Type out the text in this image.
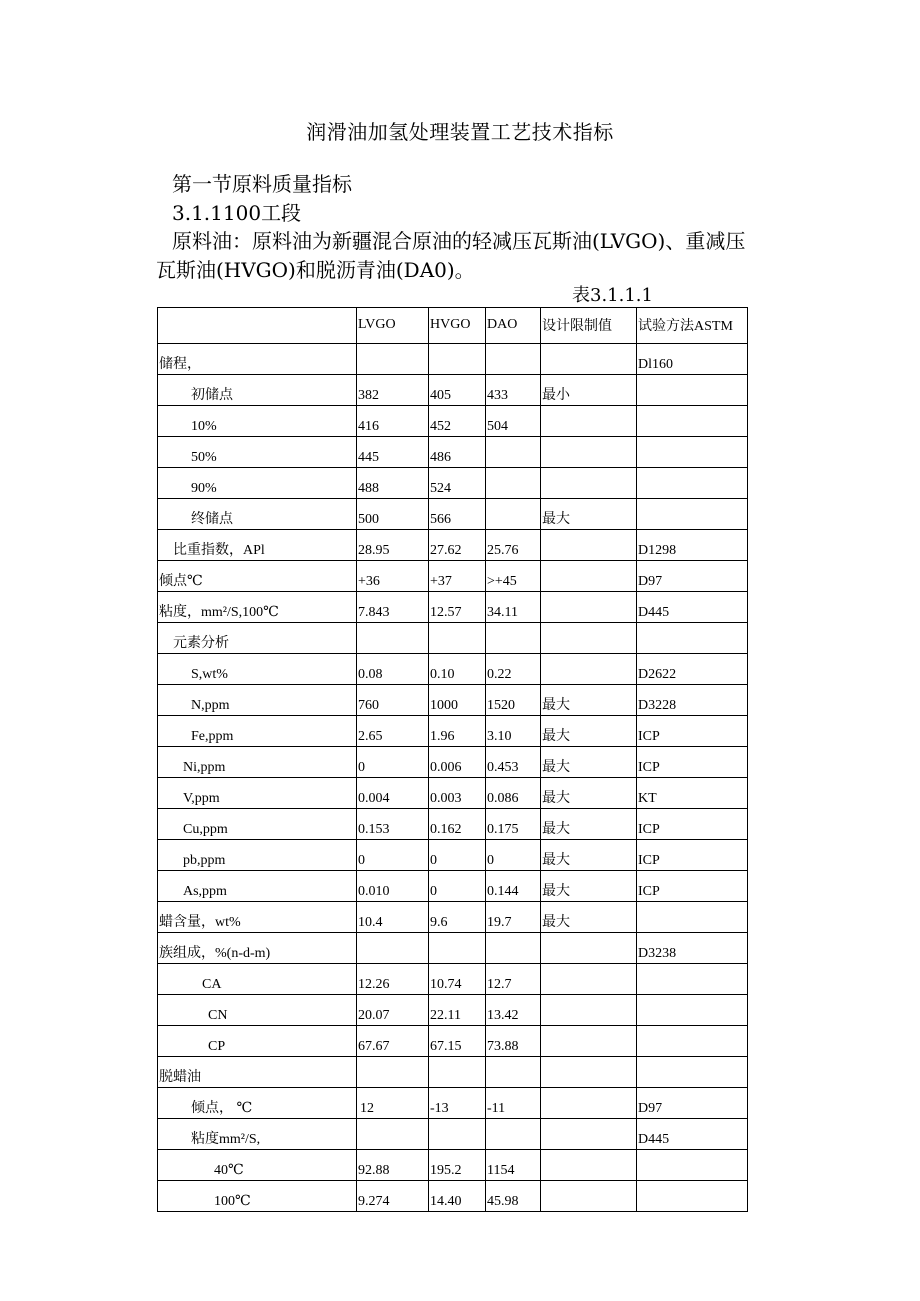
润滑油加氢处理装置工艺技术指标
第一节原料质量指标
3.1.1100工段
原料油：原料油为新疆混合原油的轻减压瓦斯油(LVGO)、重减压
瓦斯油(HVGO)和脱沥青油(DA0)。
表3.1.1.1
	LVGO	HVGO	DAO	设计限制值	试验方法ASTM
储程，					Dl160
初储点	382	405	433	最小	
10%	416	452	504		
50%	445	486			
90%	488	524			
终储点	500	566		最大	
比重指数，APl	28.95	27.62	25.76		D1298
倾点℃	+36	+37	>+45		D97
粘度，mm²/S,100℃	7.843	12.57	34.11		D445
元素分析					
S,wt%	0.08	0.10	0.22		D2622
N,ppm	760	1000	1520	最大	D3228
Fe,ppm	2.65	1.96	3.10	最大	ICP
Ni,ppm	0	0.006	0.453	最大	ICP
V,ppm	0.004	0.003	0.086	最大	KT
Cu,ppm	0.153	0.162	0.175	最大	ICP
pb,ppm	0	0	0	最大	ICP
As,ppm	0.010	0	0.144	最大	ICP
蜡含量，wt%	10.4	9.6	19.7	最大	
族组成，%(n-d-m)					D3238
CA	12.26	10.74	12.7		
CN	20.07	22.11	13.42		
CP	67.67	67.15	73.88		
脱蜡油					
倾点， ℃	12	-13	-11		D97
粘度mm²/S,					D445
40℃	92.88	195.2	1154		
100℃	9.274	14.40	45.98		
